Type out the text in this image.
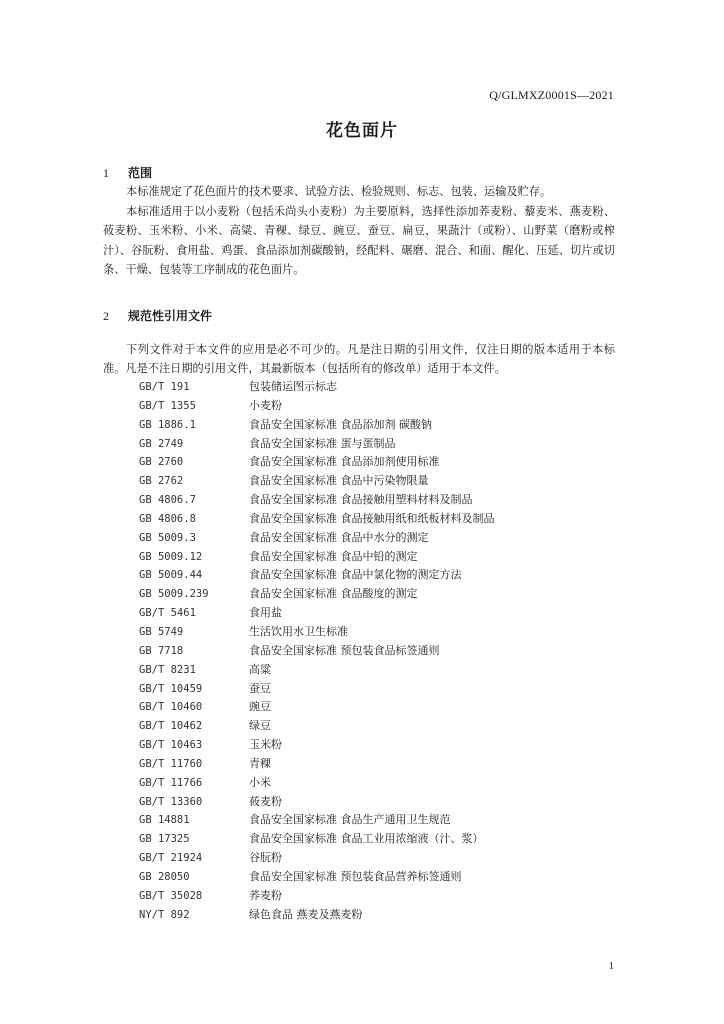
Q/GLMXZ0001S—2021
花色面片
1 范围
本标准规定了花色面片的技术要求、试验方法、检验规则、标志、包装、运输及贮存。
本标准适用于以小麦粉（包括禾尚头小麦粉）为主要原料，选择性添加荞麦粉、藜麦米、燕麦粉、莜麦粉、玉米粉、小米、高粱、青稞、绿豆、豌豆、蚕豆、扁豆，果蔬汁（或粉）、山野菜（磨粉或榨汁）、谷朊粉、食用盐、鸡蛋、食品添加剂碳酸钠，经配料、碾磨、混合、和面、醒化、压延、切片或切条、干燥、包装等工序制成的花色面片。
2 规范性引用文件
下列文件对于本文件的应用是必不可少的。凡是注日期的引用文件，仅注日期的版本适用于本标准。凡是不注日期的引用文件，其最新版本（包括所有的修改单）适用于本文件。
GB/T 191	包装储运图示标志
GB/T 1355	小麦粉
GB 1886.1	食品安全国家标准 食品添加剂 碳酸钠
GB 2749	食品安全国家标准 蛋与蛋制品
GB 2760	食品安全国家标准 食品添加剂使用标准
GB 2762	食品安全国家标准 食品中污染物限量
GB 4806.7	食品安全国家标准 食品接触用塑料材料及制品
GB 4806.8	食品安全国家标准 食品接触用纸和纸板材料及制品
GB 5009.3	食品安全国家标准 食品中水分的测定
GB 5009.12	食品安全国家标准 食品中铅的测定
GB 5009.44	食品安全国家标准 食品中氯化物的测定方法
GB 5009.239	食品安全国家标准 食品酸度的测定
GB/T 5461	食用盐
GB 5749	生活饮用水卫生标准
GB 7718	食品安全国家标准 预包装食品标签通则
GB/T 8231	高粱
GB/T 10459	蚕豆
GB/T 10460	豌豆
GB/T 10462	绿豆
GB/T 10463	玉米粉
GB/T 11760	青稞
GB/T 11766	小米
GB/T 13360	莜麦粉
GB 14881	食品安全国家标准 食品生产通用卫生规范
GB 17325	食品安全国家标准 食品工业用浓缩液（汁、浆）
GB/T 21924	谷朊粉
GB 28050	食品安全国家标准 预包装食品营养标签通则
GB/T 35028	荞麦粉
NY/T 892	绿色食品 燕麦及燕麦粉
1
